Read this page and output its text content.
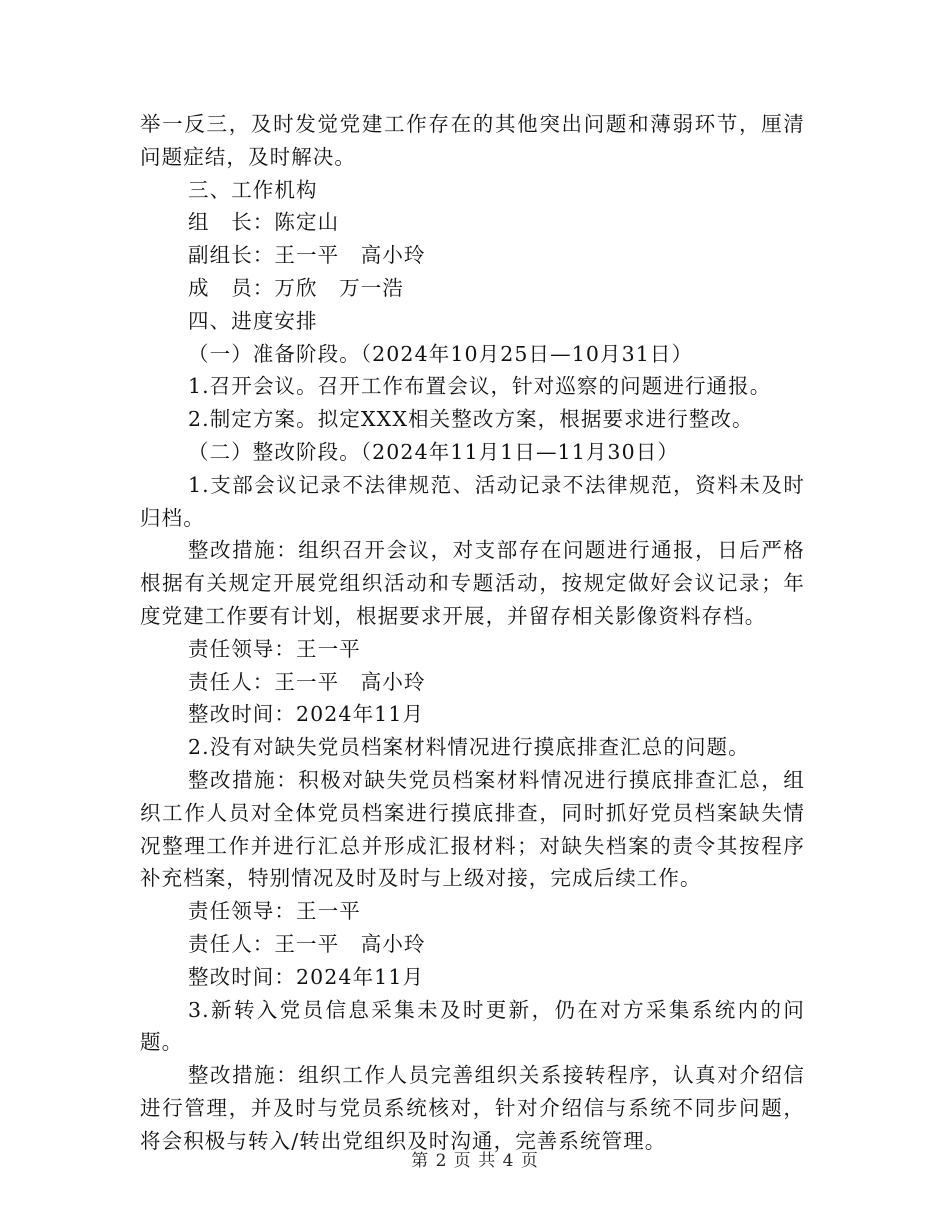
举一反三，及时发觉党建工作存在的其他突出问题和薄弱环节，厘清问题症结，及时解决。

三、工作机构

组　长：陈定山

副组长：王一平　高小玲

成　员：万欣　万一浩

四、进度安排

（一）准备阶段。（2024年10月25日—10月31日）

1.召开会议。召开工作布置会议，针对巡察的问题进行通报。

2.制定方案。拟定XXX相关整改方案，根据要求进行整改。

（二）整改阶段。（2024年11月1日—11月30日）

1.支部会议记录不法律规范、活动记录不法律规范，资料未及时归档。

整改措施：组织召开会议，对支部存在问题进行通报，日后严格根据有关规定开展党组织活动和专题活动，按规定做好会议记录；年度党建工作要有计划，根据要求开展，并留存相关影像资料存档。

责任领导：王一平

责任人：王一平　高小玲

整改时间：2024年11月

2.没有对缺失党员档案材料情况进行摸底排查汇总的问题。

整改措施：积极对缺失党员档案材料情况进行摸底排查汇总，组织工作人员对全体党员档案进行摸底排查，同时抓好党员档案缺失情况整理工作并进行汇总并形成汇报材料；对缺失档案的责令其按程序补充档案，特别情况及时及时与上级对接，完成后续工作。

责任领导：王一平

责任人：王一平　高小玲

整改时间：2024年11月

3.新转入党员信息采集未及时更新，仍在对方采集系统内的问题。

整改措施：组织工作人员完善组织关系接转程序，认真对介绍信进行管理，并及时与党员系统核对，针对介绍信与系统不同步问题，将会积极与转入/转出党组织及时沟通，完善系统管理。

第 2 页 共 4 页
